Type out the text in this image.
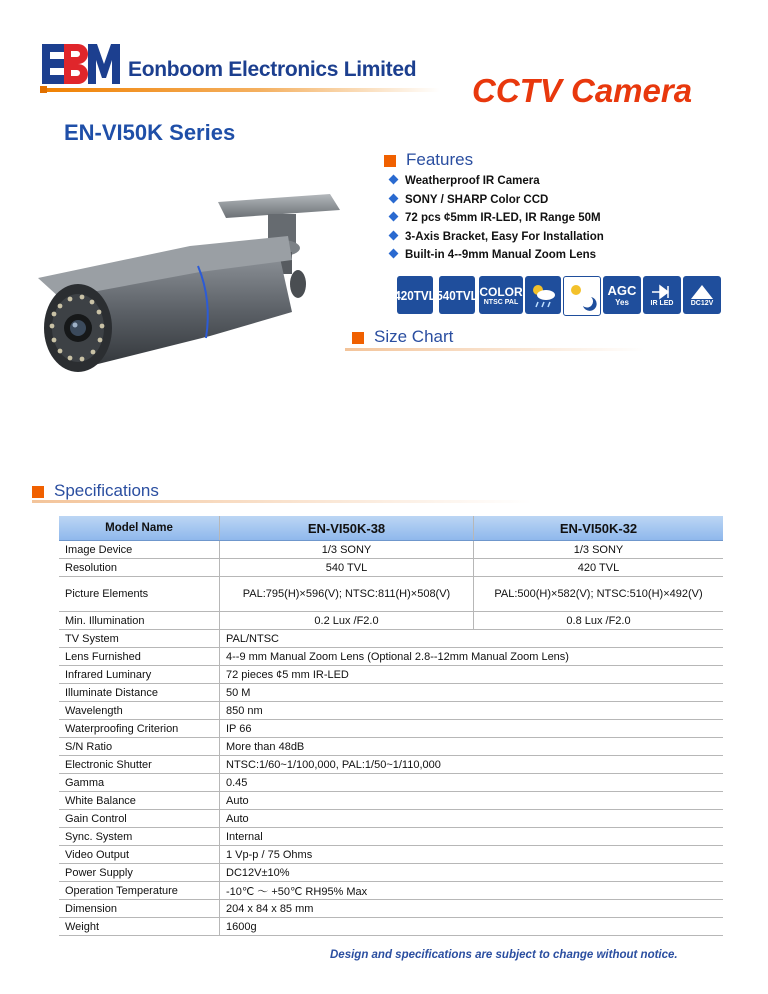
Eonboom Electronics Limited
CCTV Camera
EN-VI50K Series
Features
Weatherproof IR Camera
SONY / SHARP Color CCD
72 pcs ¢5mm IR-LED, IR Range 50M
3-Axis Bracket, Easy For Installation
Built-in 4--9mm Manual Zoom Lens
420TVL 540TVL COLOR
NTSC PAL
AGC
Yes	IR LED DC12V
Size Chart
Specifications
Model Name	EN-VI50K-38	EN-VI50K-32
Image Device	1/3 SONY	1/3 SONY
Resolution	540 TVL	420 TVL
Picture Elements	PAL:795(H)×596(V); NTSC:811(H)×508(V)	PAL:500(H)×582(V); NTSC:510(H)×492(V)
Min. Illumination	0.2 Lux /F2.0	0.8 Lux /F2.0
TV System	PAL/NTSC	
Lens Furnished	4--9 mm Manual Zoom Lens (Optional 2.8--12mm Manual Zoom Lens)	
Infrared Luminary	72 pieces ¢5 mm IR-LED	
Illuminate Distance	50 M	
Wavelength	850 nm	
Waterproofing Criterion	IP 66	
S/N Ratio	More than 48dB	
Electronic Shutter	NTSC:1/60~1/100,000, PAL:1/50~1/110,000	
Gamma	0.45	
White Balance	Auto	
Gain Control	Auto	
Sync. System	Internal	
Video Output	1 Vp-p / 75 Ohms	
Power Supply	DC12V±10%	
Operation Temperature	-10℃ ～ +50℃ RH95% Max	
Dimension	204 x 84 x 85 mm	
Weight	1600g	
Design and specifications are subject to change without notice.
